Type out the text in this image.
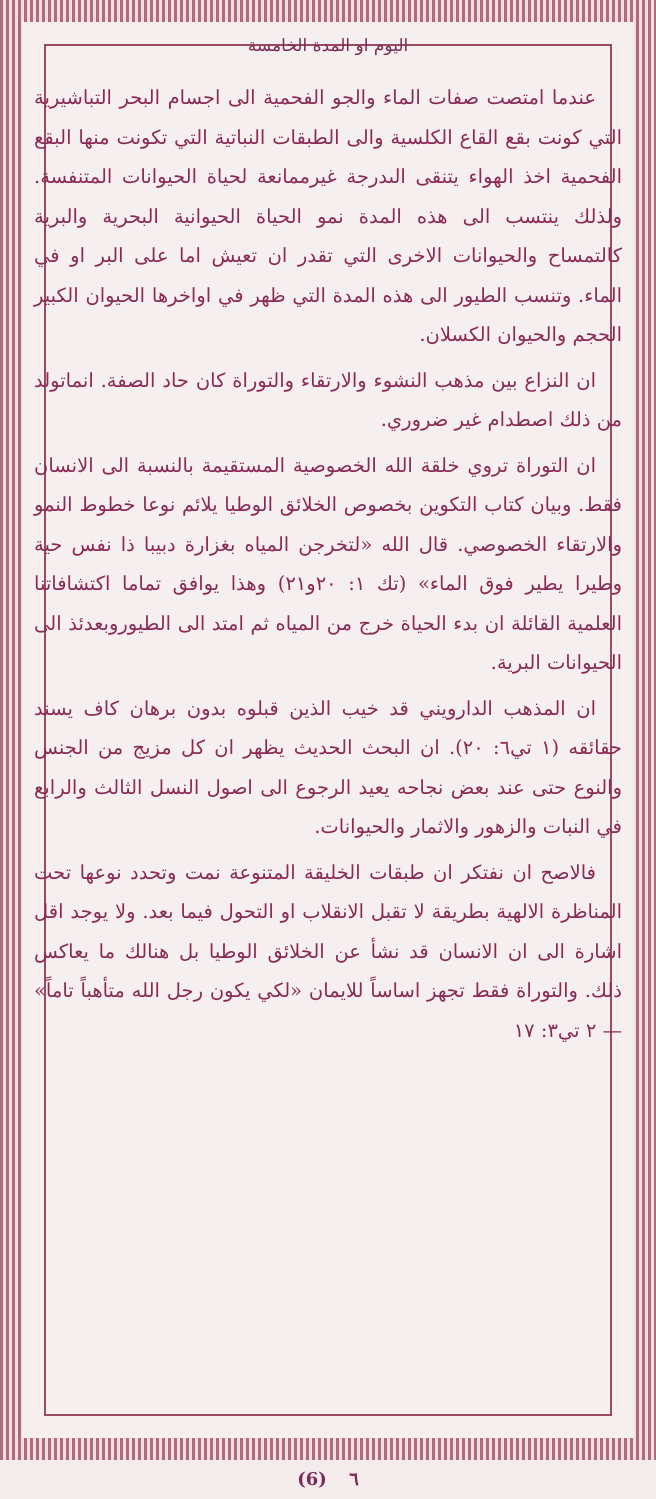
اليوم او المدة الخامسة

عندما امتصت صفات الماء والجو الفحمية الى اجسام البحر التباشيرية التي كونت بقع القاع الكلسية والى الطبقات النباتية التي تكونت منها البقع الفحمية اخذ الهواء يتنقى الىدرجة غيرممانعة لحياة الحيوانات المتنفسة. ولذلك ينتسب الى هذه المدة نمو الحياة الحيوانية البحرية والبرية كالتمساح والحيوانات الاخرى التي تقدر ان تعيش اما على البر او في الماء. وتنسب الطيور الى هذه المدة التي ظهر في اواخرها الحيوان الكبير الحجم والحيوان الكسلان.

ان النزاع بين مذهب النشوء والارتقاء والتوراة كان حاد الصفة. انماتولد من ذلك اصطدام غير ضروري.

ان التوراة تروي خلقة الله الخصوصية المستقيمة بالنسبة الى الانسان فقط. وبيان كتاب التكوين بخصوص الخلائق الوطيا يلائم نوعا خطوط النمو والارتقاء الخصوصي. قال الله «لتخرجن المياه بغزارة دبيبا ذا نفس حية وطيرا يطير فوق الماء» (تك ١: ٢٠و٢١) وهذا يوافق تماما اكتشافاتنا العلمية القائلة ان بدء الحياة خرج من المياه ثم امتد الى الطيوروبعدئذ الى الحيوانات البرية.

ان المذهب الدارويني قد خيب الذين قبلوه بدون برهان كاف يسند حقائقه (١ تي٦: ٢٠). ان البحث الحديث يظهر ان كل مزيج من الجنس والنوع حتى عند بعض نجاحه يعيد الرجوع الى اصول النسل الثالث والرابع في النبات والزهور والاثمار والحيوانات.

فالاصح ان نفتكر ان طبقات الخليقة المتنوعة نمت وتحدد نوعها تحت المناظرة الالهية بطريقة لا تقبل الانقلاب او التحول فيما بعد. ولا يوجد اقل اشارة الى ان الانسان قد نشأ عن الخلائق الوطيا بل هنالك ما يعاكس ذلك. والتوراة فقط تجهز اساساً للايمان «لكي يكون رجل الله متأهباً تاماً» — ٢ تي٣: ١٧

(6) ٦
